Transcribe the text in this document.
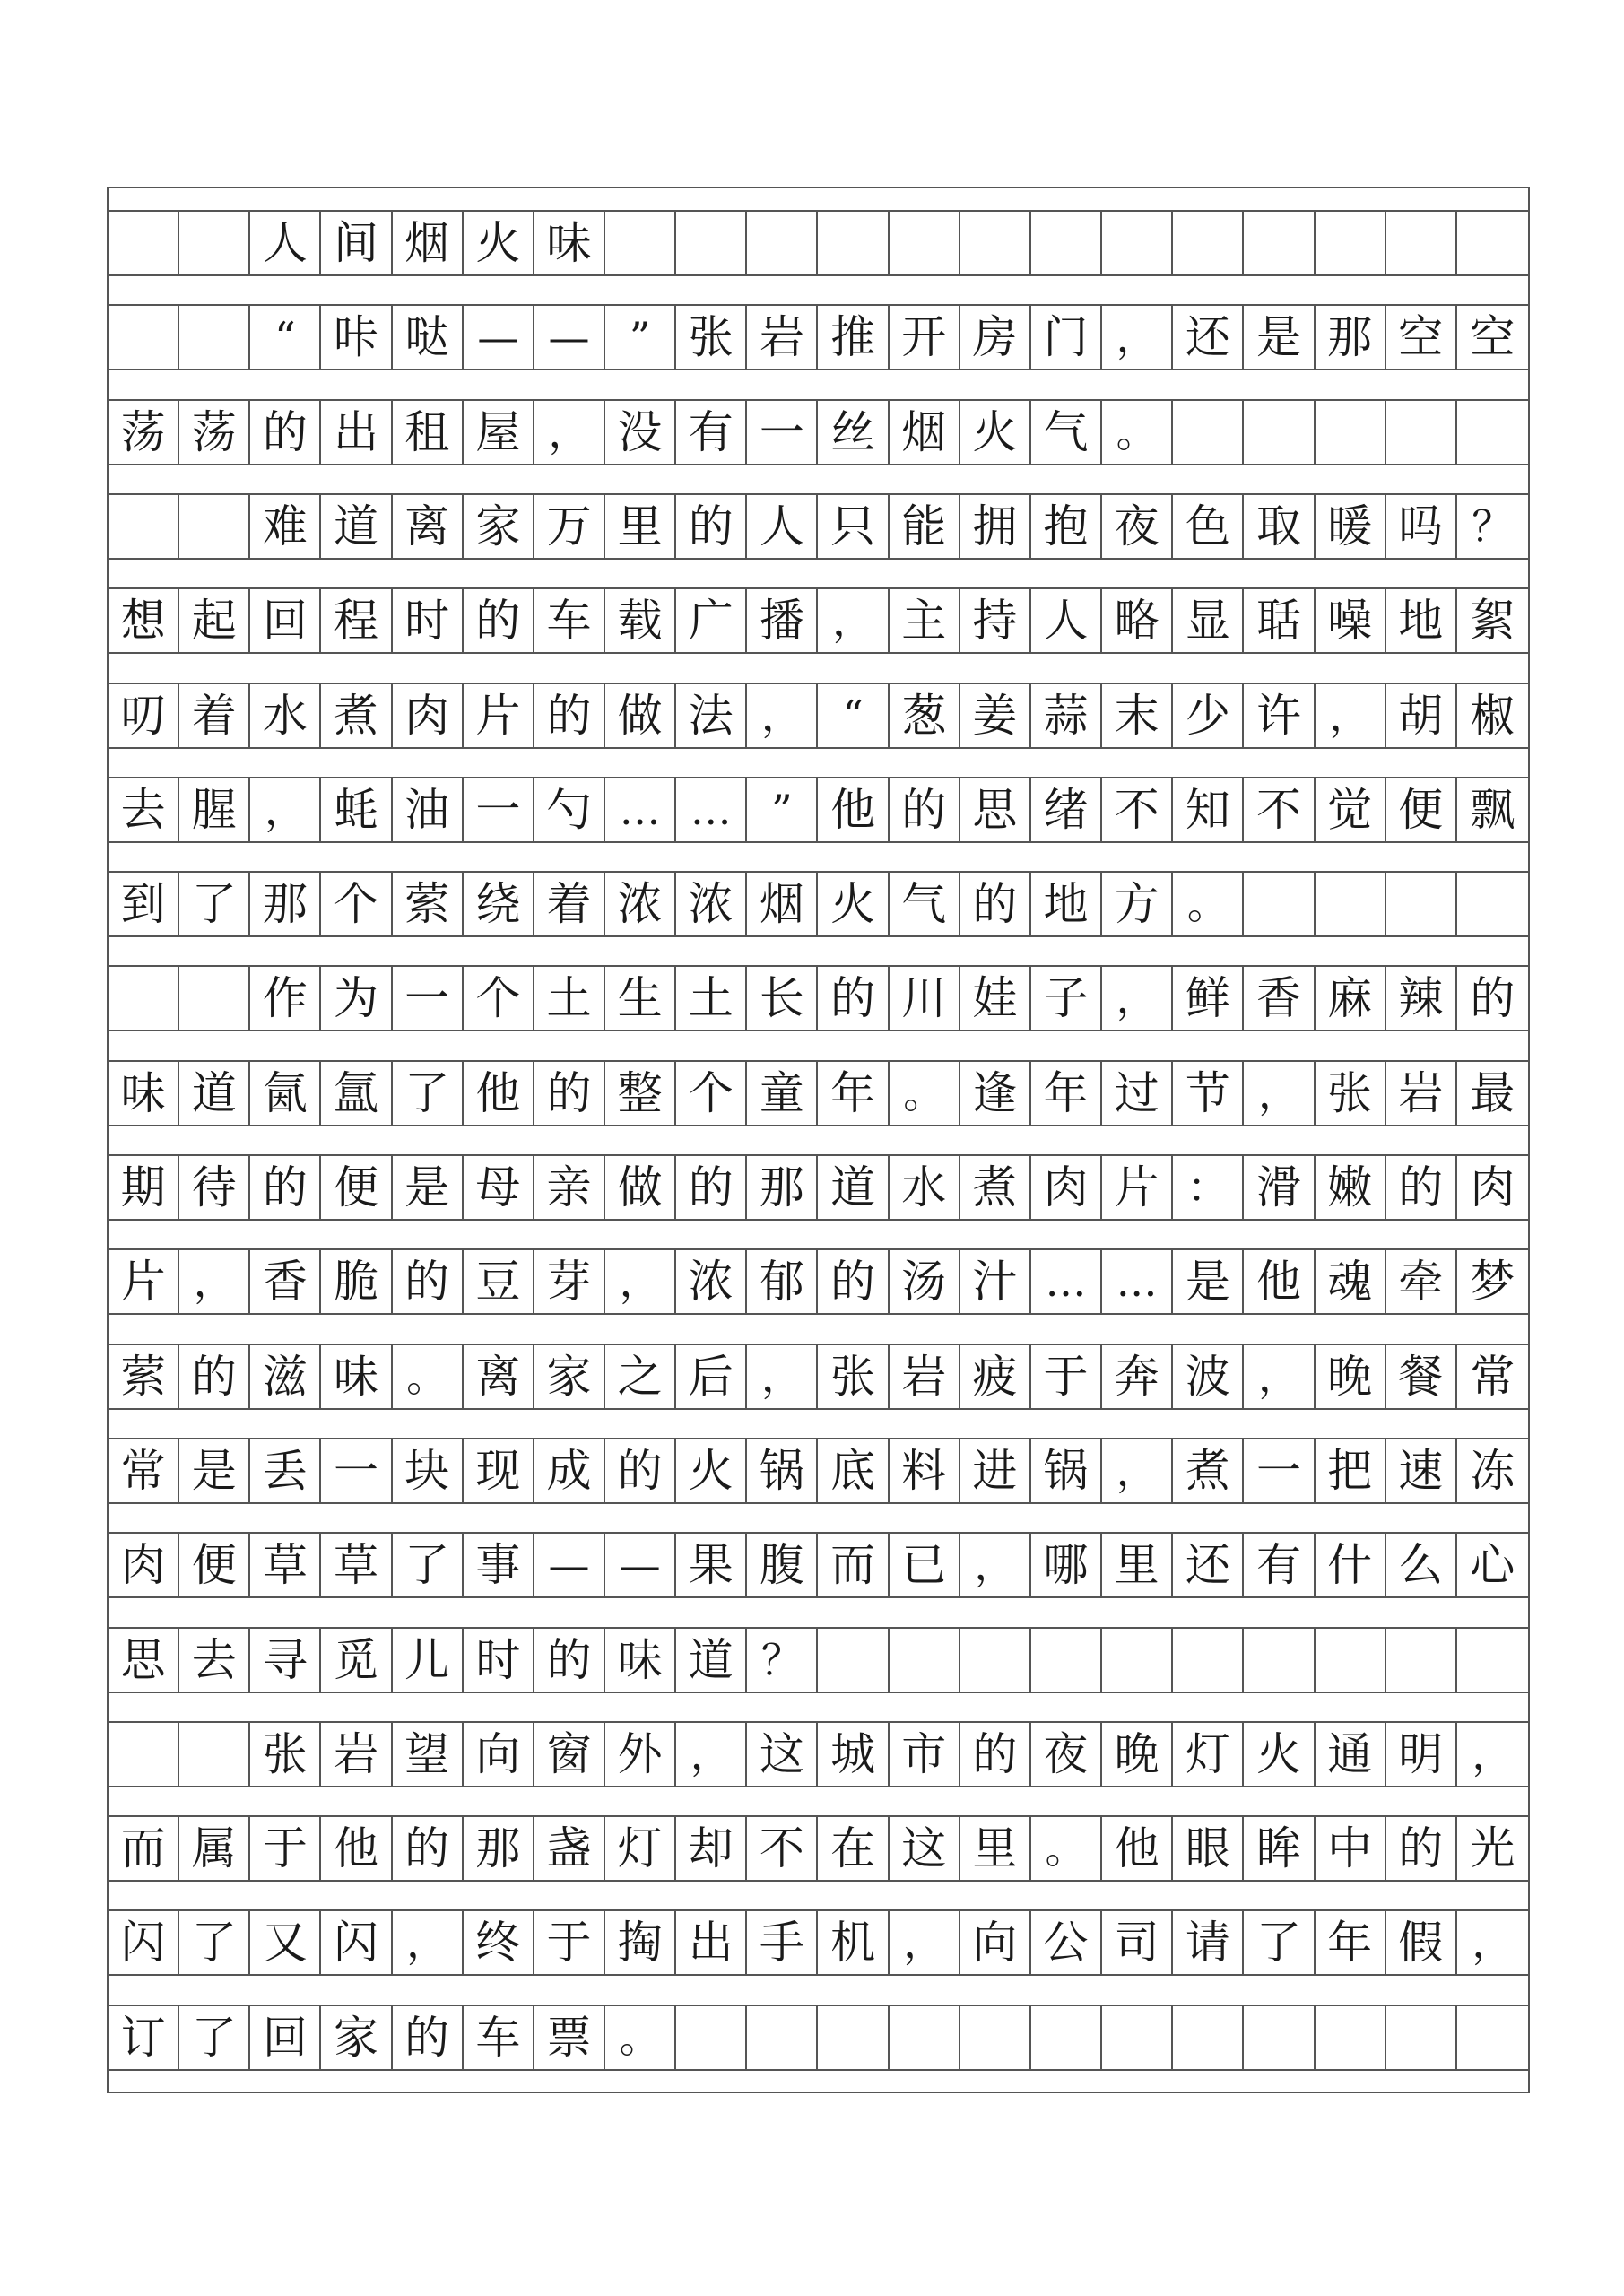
人 间 烟 火 味
“ 咔 哒 — — ” 张 岩 推 开 房 门 ， 还 是 那 空 空
荡 荡 的 出 租 屋 ， 没 有 一 丝 烟 火 气 。
难 道 离 家 万 里 的 人 只 能 拥 抱 夜 色 取 暖 吗 ？
想 起 回 程 时 的 车 载 广 播 ， 主 持 人 略 显 聒 噪 地 絮
叨 着 水 煮 肉 片 的 做 法 ， “ 葱 姜 蒜 末 少 许 ， 胡 椒
去 腥 ， 蚝 油 一 勺 … … ” 他 的 思 绪 不 知 不 觉 便 飘
到 了 那 个 萦 绕 着 浓 浓 烟 火 气 的 地 方 。
作 为 一 个 土 生 土 长 的 川 娃 子 ， 鲜 香 麻 辣 的
味 道 氤 氲 了 他 的 整 个 童 年 。 逢 年 过 节 ， 张 岩 最
期 待 的 便 是 母 亲 做 的 那 道 水 煮 肉 片 ： 滑 嫩 的 肉
片 ， 香 脆 的 豆 芽 ， 浓 郁 的 汤 汁 … … 是 他 魂 牵 梦
萦 的 滋 味 。 离 家 之 后 ， 张 岩 疲 于 奔 波 ， 晚 餐 常
常 是 丢 一 块 现 成 的 火 锅 底 料 进 锅 ， 煮 一 把 速 冻
肉 便 草 草 了 事 — — 果 腹 而 已 ， 哪 里 还 有 什 么 心
思 去 寻 觅 儿 时 的 味 道 ？
张 岩 望 向 窗 外 ， 这 城 市 的 夜 晚 灯 火 通 明 ，
而 属 于 他 的 那 盏 灯 却 不 在 这 里 。 他 眼 眸 中 的 光
闪 了 又 闪 ， 终 于 掏 出 手 机 ， 向 公 司 请 了 年 假 ，
订 了 回 家 的 车 票 。
